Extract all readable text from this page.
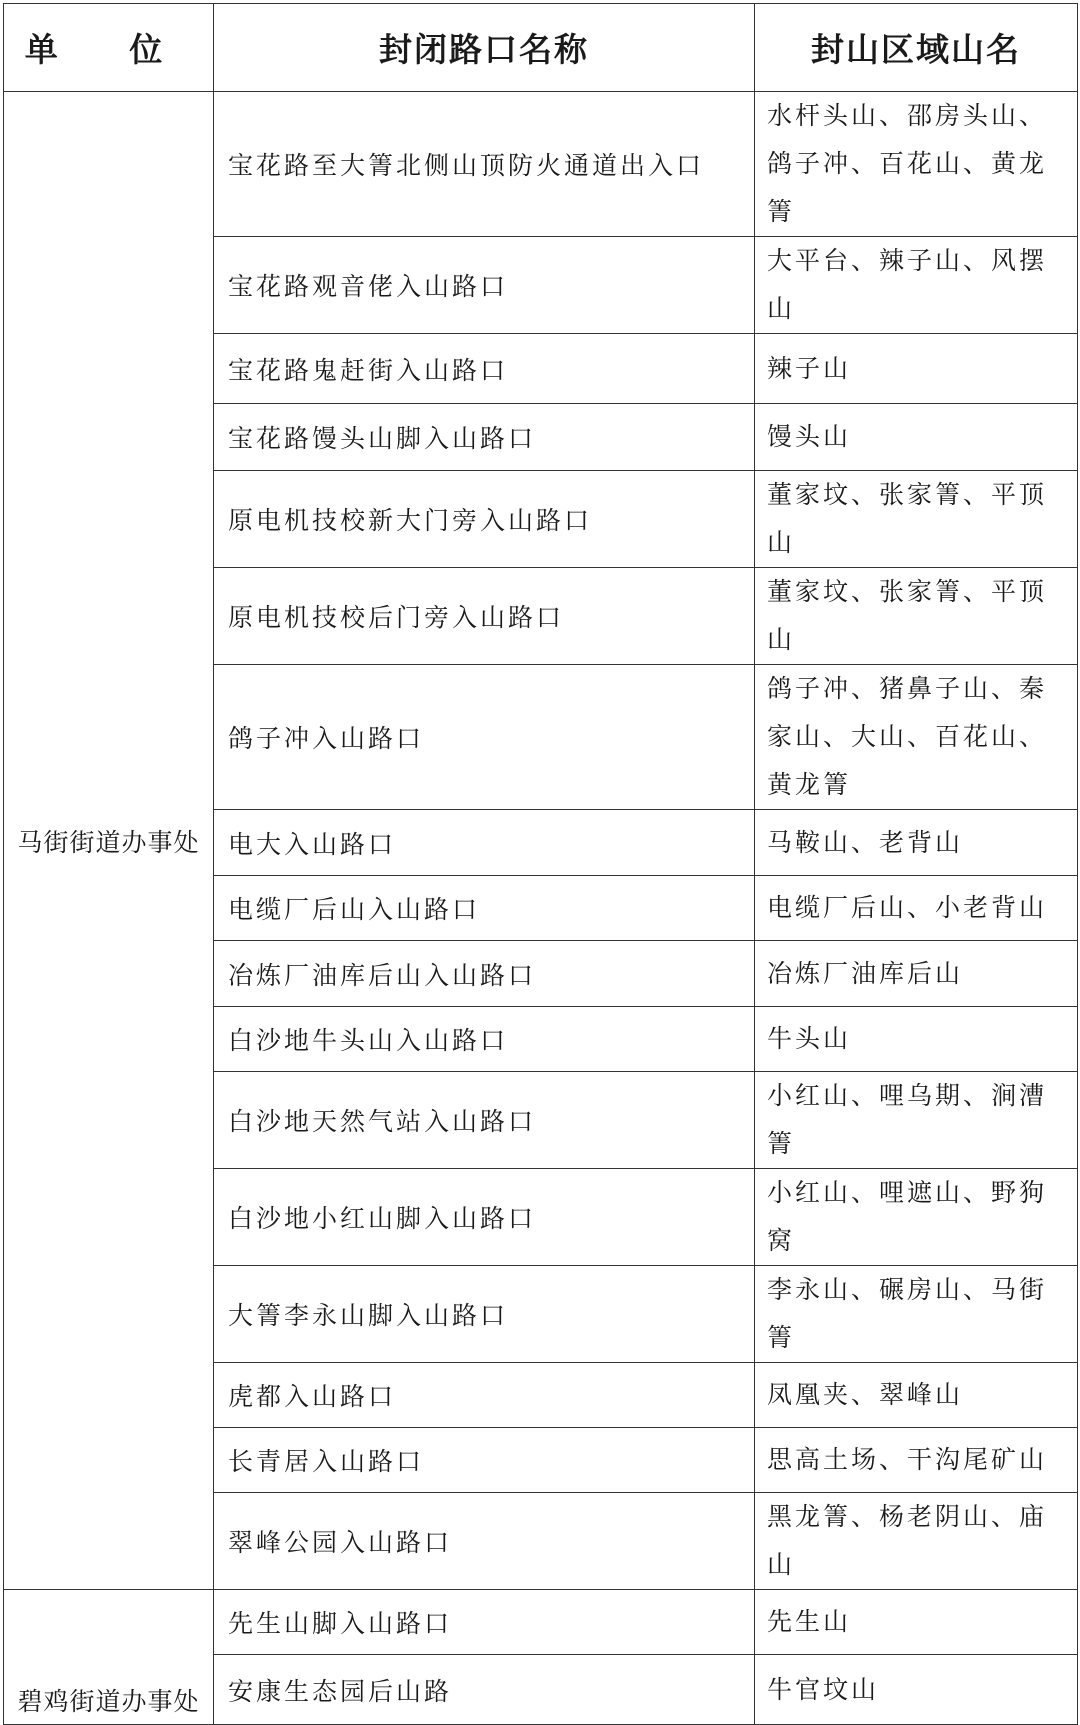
单 位	封闭路口名称	封山区域山名
马街街道办事处	宝花路至大箐北侧山顶防火通道出入口	水杆头山、邵房头山、鸽子冲、百花山、黄龙箐
	宝花路观音佬入山路口	大平台、辣子山、风摆山
	宝花路鬼赶街入山路口	辣子山
	宝花路馒头山脚入山路口	馒头山
	原电机技校新大门旁入山路口	董家坟、张家箐、平顶山
	原电机技校后门旁入山路口	董家坟、张家箐、平顶山
	鸽子冲入山路口	鸽子冲、猪鼻子山、秦家山、大山、百花山、黄龙箐
	电大入山路口	马鞍山、老背山
	电缆厂后山入山路口	电缆厂后山、小老背山
	冶炼厂油库后山入山路口	冶炼厂油库后山
	白沙地牛头山入山路口	牛头山
	白沙地天然气站入山路口	小红山、哩乌期、涧漕箐
	白沙地小红山脚入山路口	小红山、哩遮山、野狗窝
	大箐李永山脚入山路口	李永山、碾房山、马街箐
	虎都入山路口	凤凰夹、翠峰山
	长青居入山路口	思高土场、干沟尾矿山
	翠峰公园入山路口	黑龙箐、杨老阴山、庙山
碧鸡街道办事处	先生山脚入山路口	先生山
	安康生态园后山路	牛官坟山
